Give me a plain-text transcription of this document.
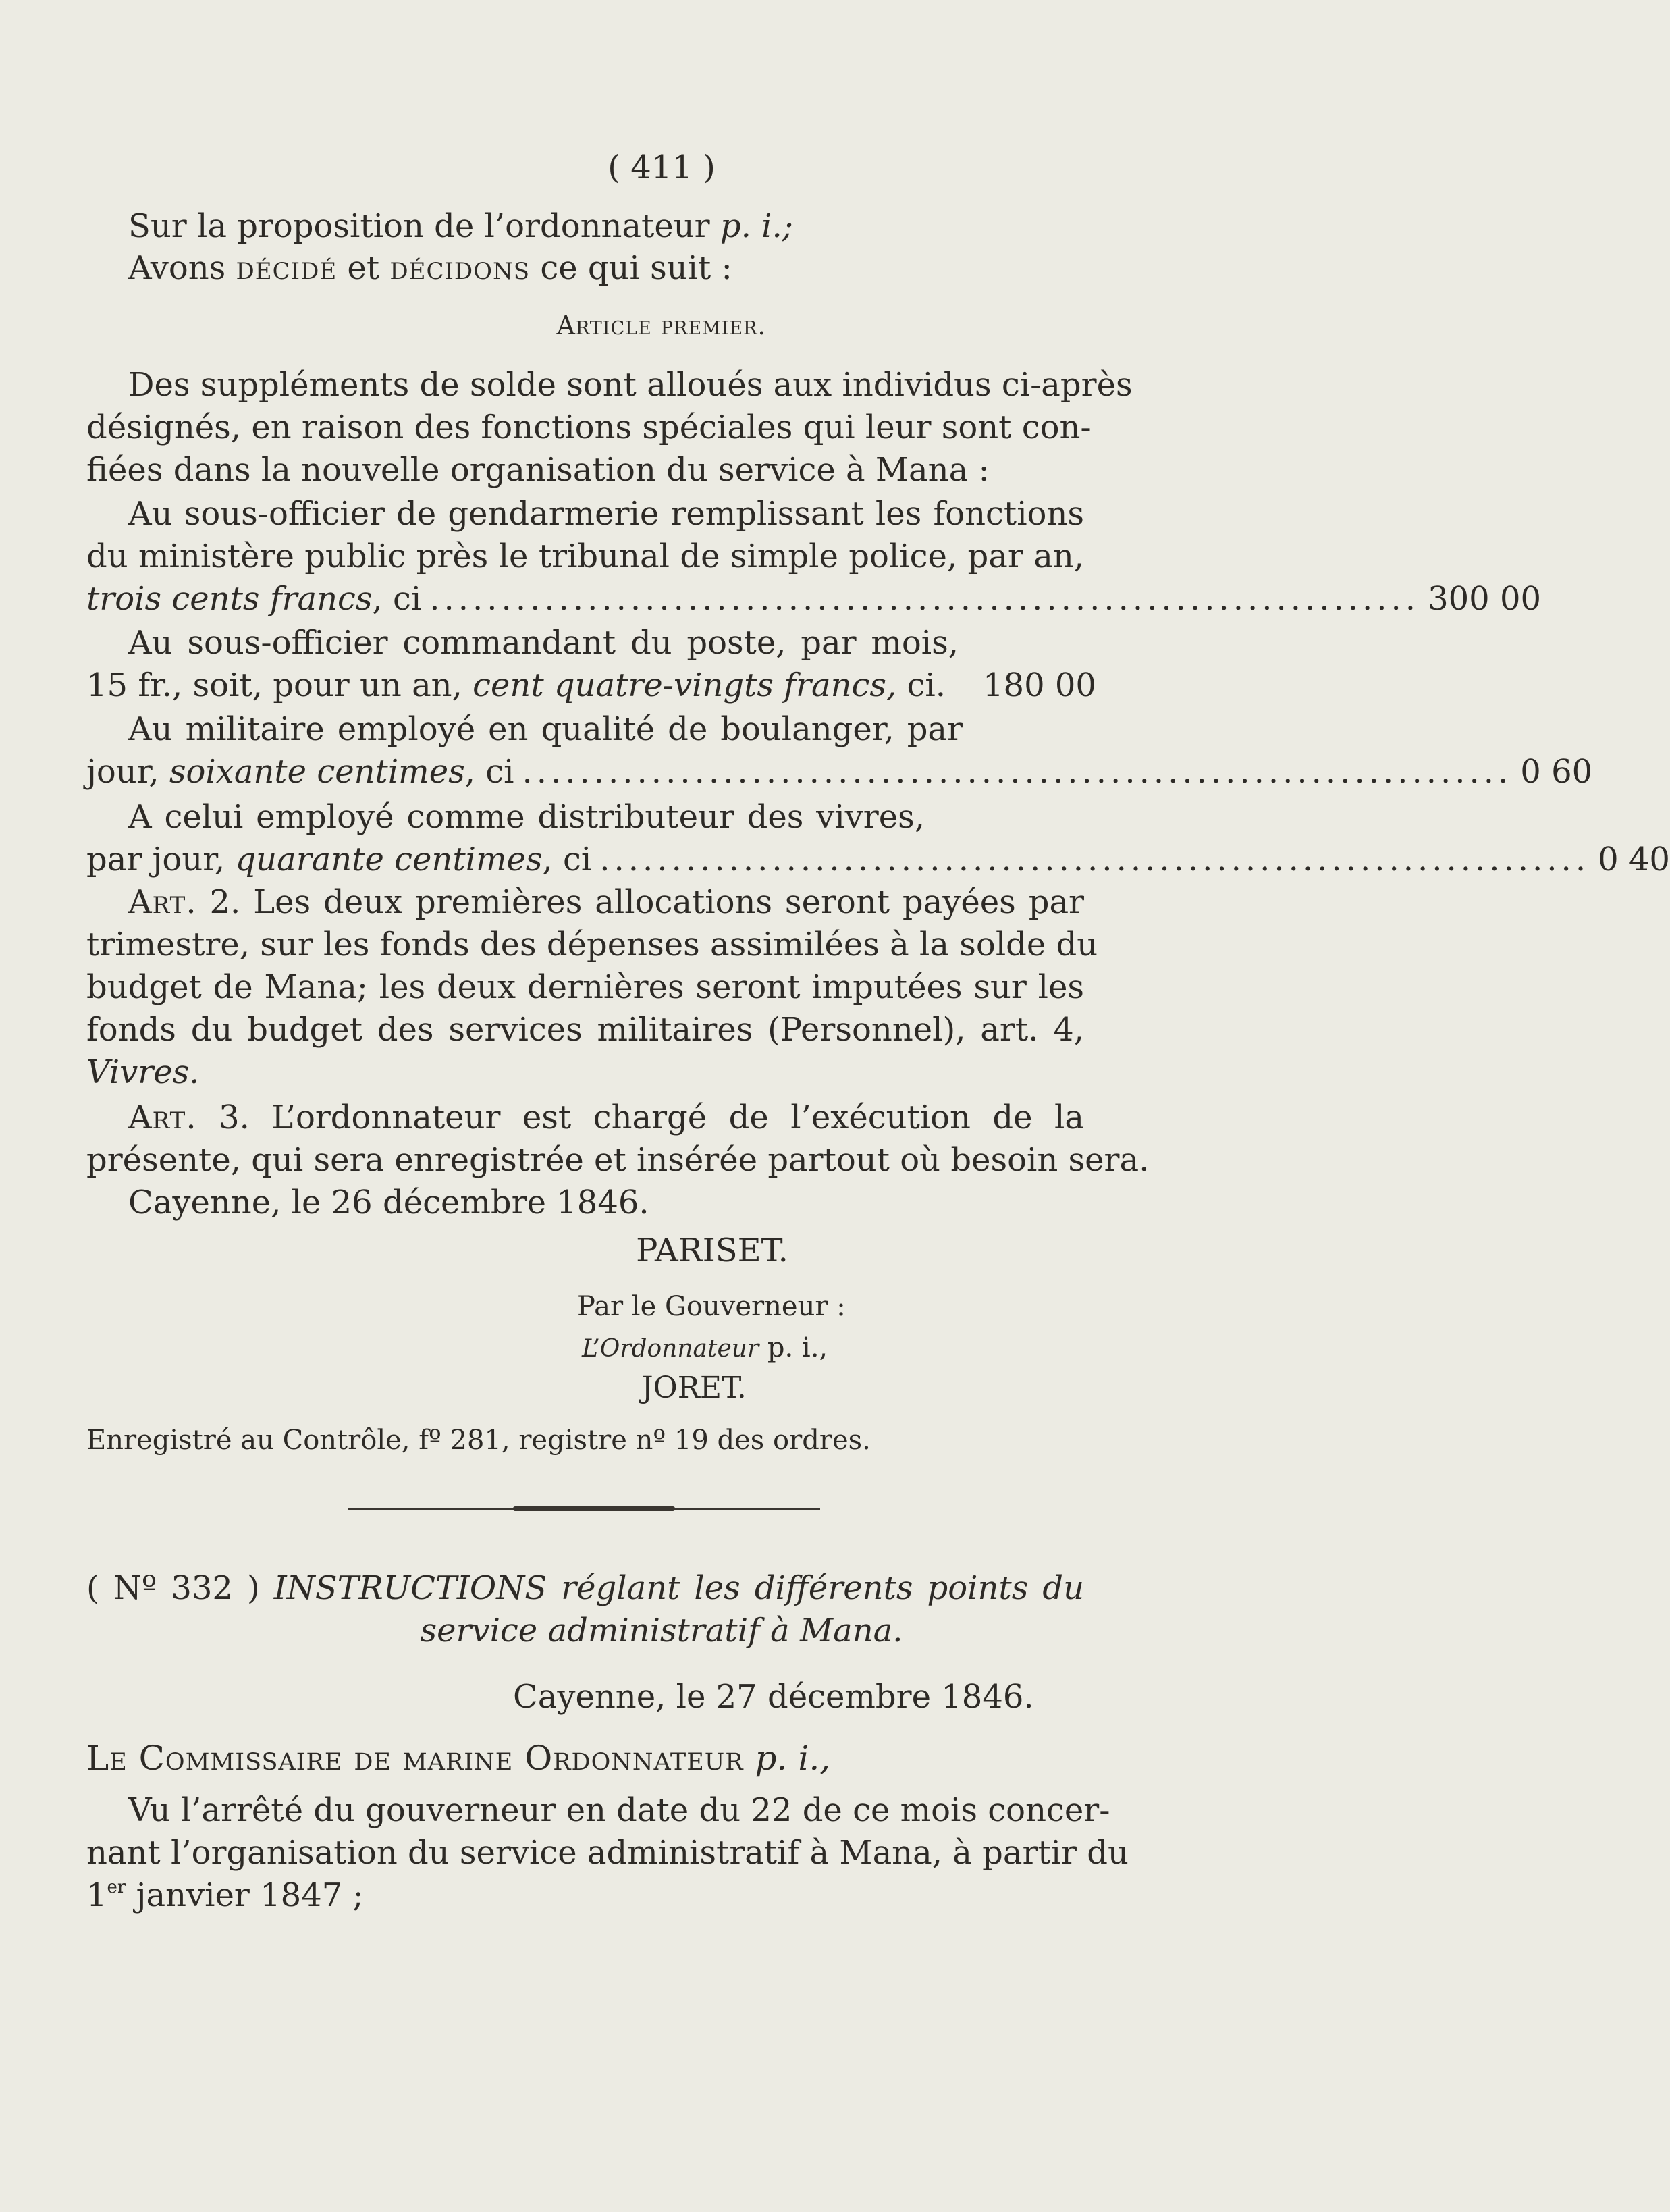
( 411 )
Sur la proposition de l’ordonnateur p. i.;
Avons décidé et décidons ce qui suit :
Article premier.
Des suppléments de solde sont alloués aux individus ci-après
désignés, en raison des fonctions spéciales qui leur sont con-
fiées dans la nouvelle organisation du service à Mana :
Au sous-officier de gendarmerie remplissant les fonctions
du ministère public près le tribunal de simple police, par an,
trois cents francs, ci ..................................................................... 300 00
Au sous-officier commandant du poste, par mois,
15 fr., soit, pour un an, cent quatre-vingts francs, ci. 180 00
Au militaire employé en qualité de boulanger, par
jour, soixante centimes, ci ..................................................................... 0 60
A celui employé comme distributeur des vivres,
par jour, quarante centimes, ci ..................................................................... 0 40
Art. 2. Les deux premières allocations seront payées par
trimestre, sur les fonds des dépenses assimilées à la solde du
budget de Mana; les deux dernières seront imputées sur les
fonds du budget des services militaires (Personnel), art. 4,
Vivres.
Art. 3. L’ordonnateur est chargé de l’exécution de la
présente, qui sera enregistrée et insérée partout où besoin sera.
Cayenne, le 26 décembre 1846.
PARISET.
Par le Gouverneur :
L’Ordonnateur p. i.,
JORET.
Enregistré au Contrôle, fº 281, registre nº 19 des ordres.
( Nº 332 ) INSTRUCTIONS réglant les différents points du
service administratif à Mana.
Cayenne, le 27 décembre 1846.
Le Commissaire de marine Ordonnateur p. i.,
Vu l’arrêté du gouverneur en date du 22 de ce mois concer-
nant l’organisation du service administratif à Mana, à partir du
1er janvier 1847 ;
